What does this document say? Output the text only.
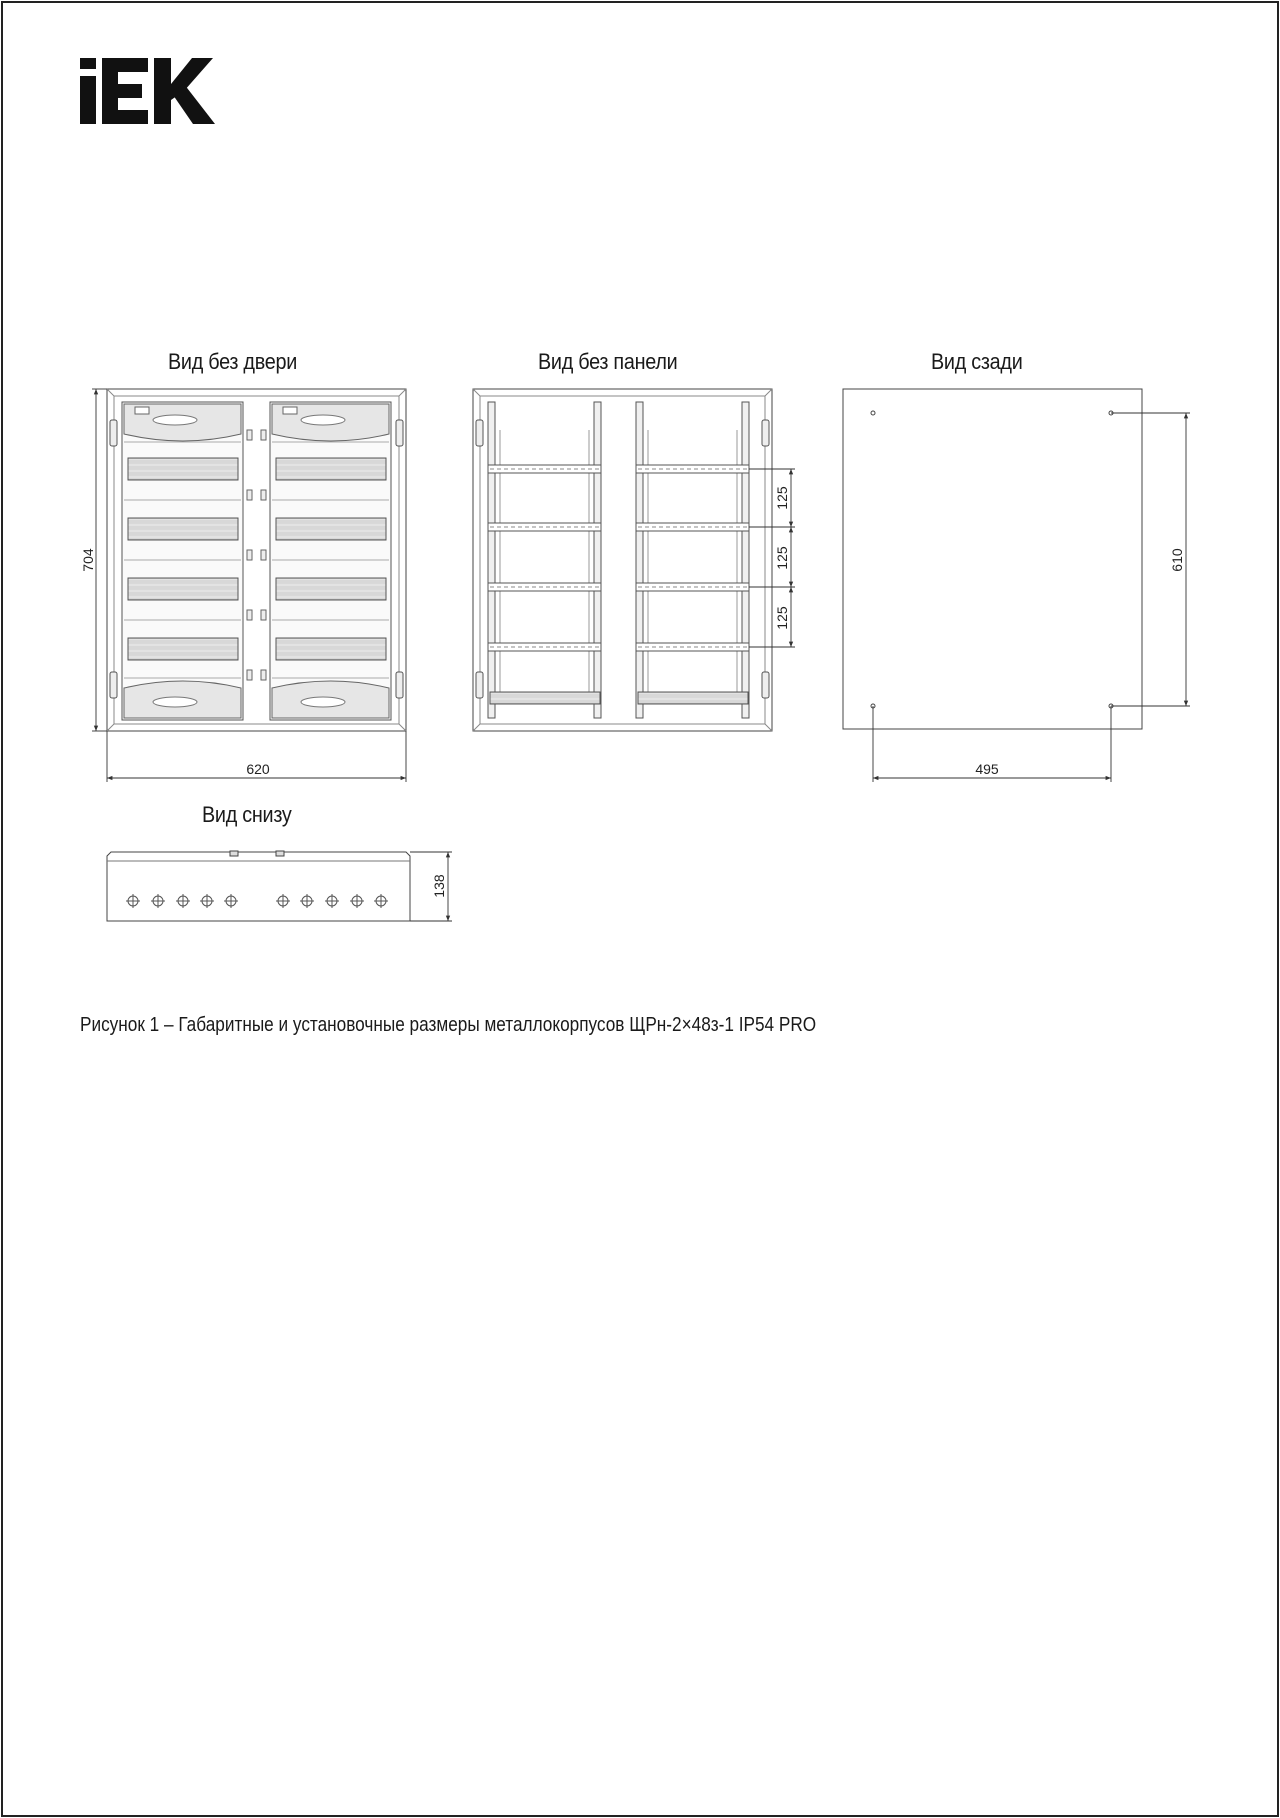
Вид без двери	Вид без панели	Вид сзади
Вид снизу
704
620
125
125
125
610
495
138
Рисунок 1 – Габаритные и установочные размеры металлокорпусов ЩРн-2×48з-1 IP54 PRO
